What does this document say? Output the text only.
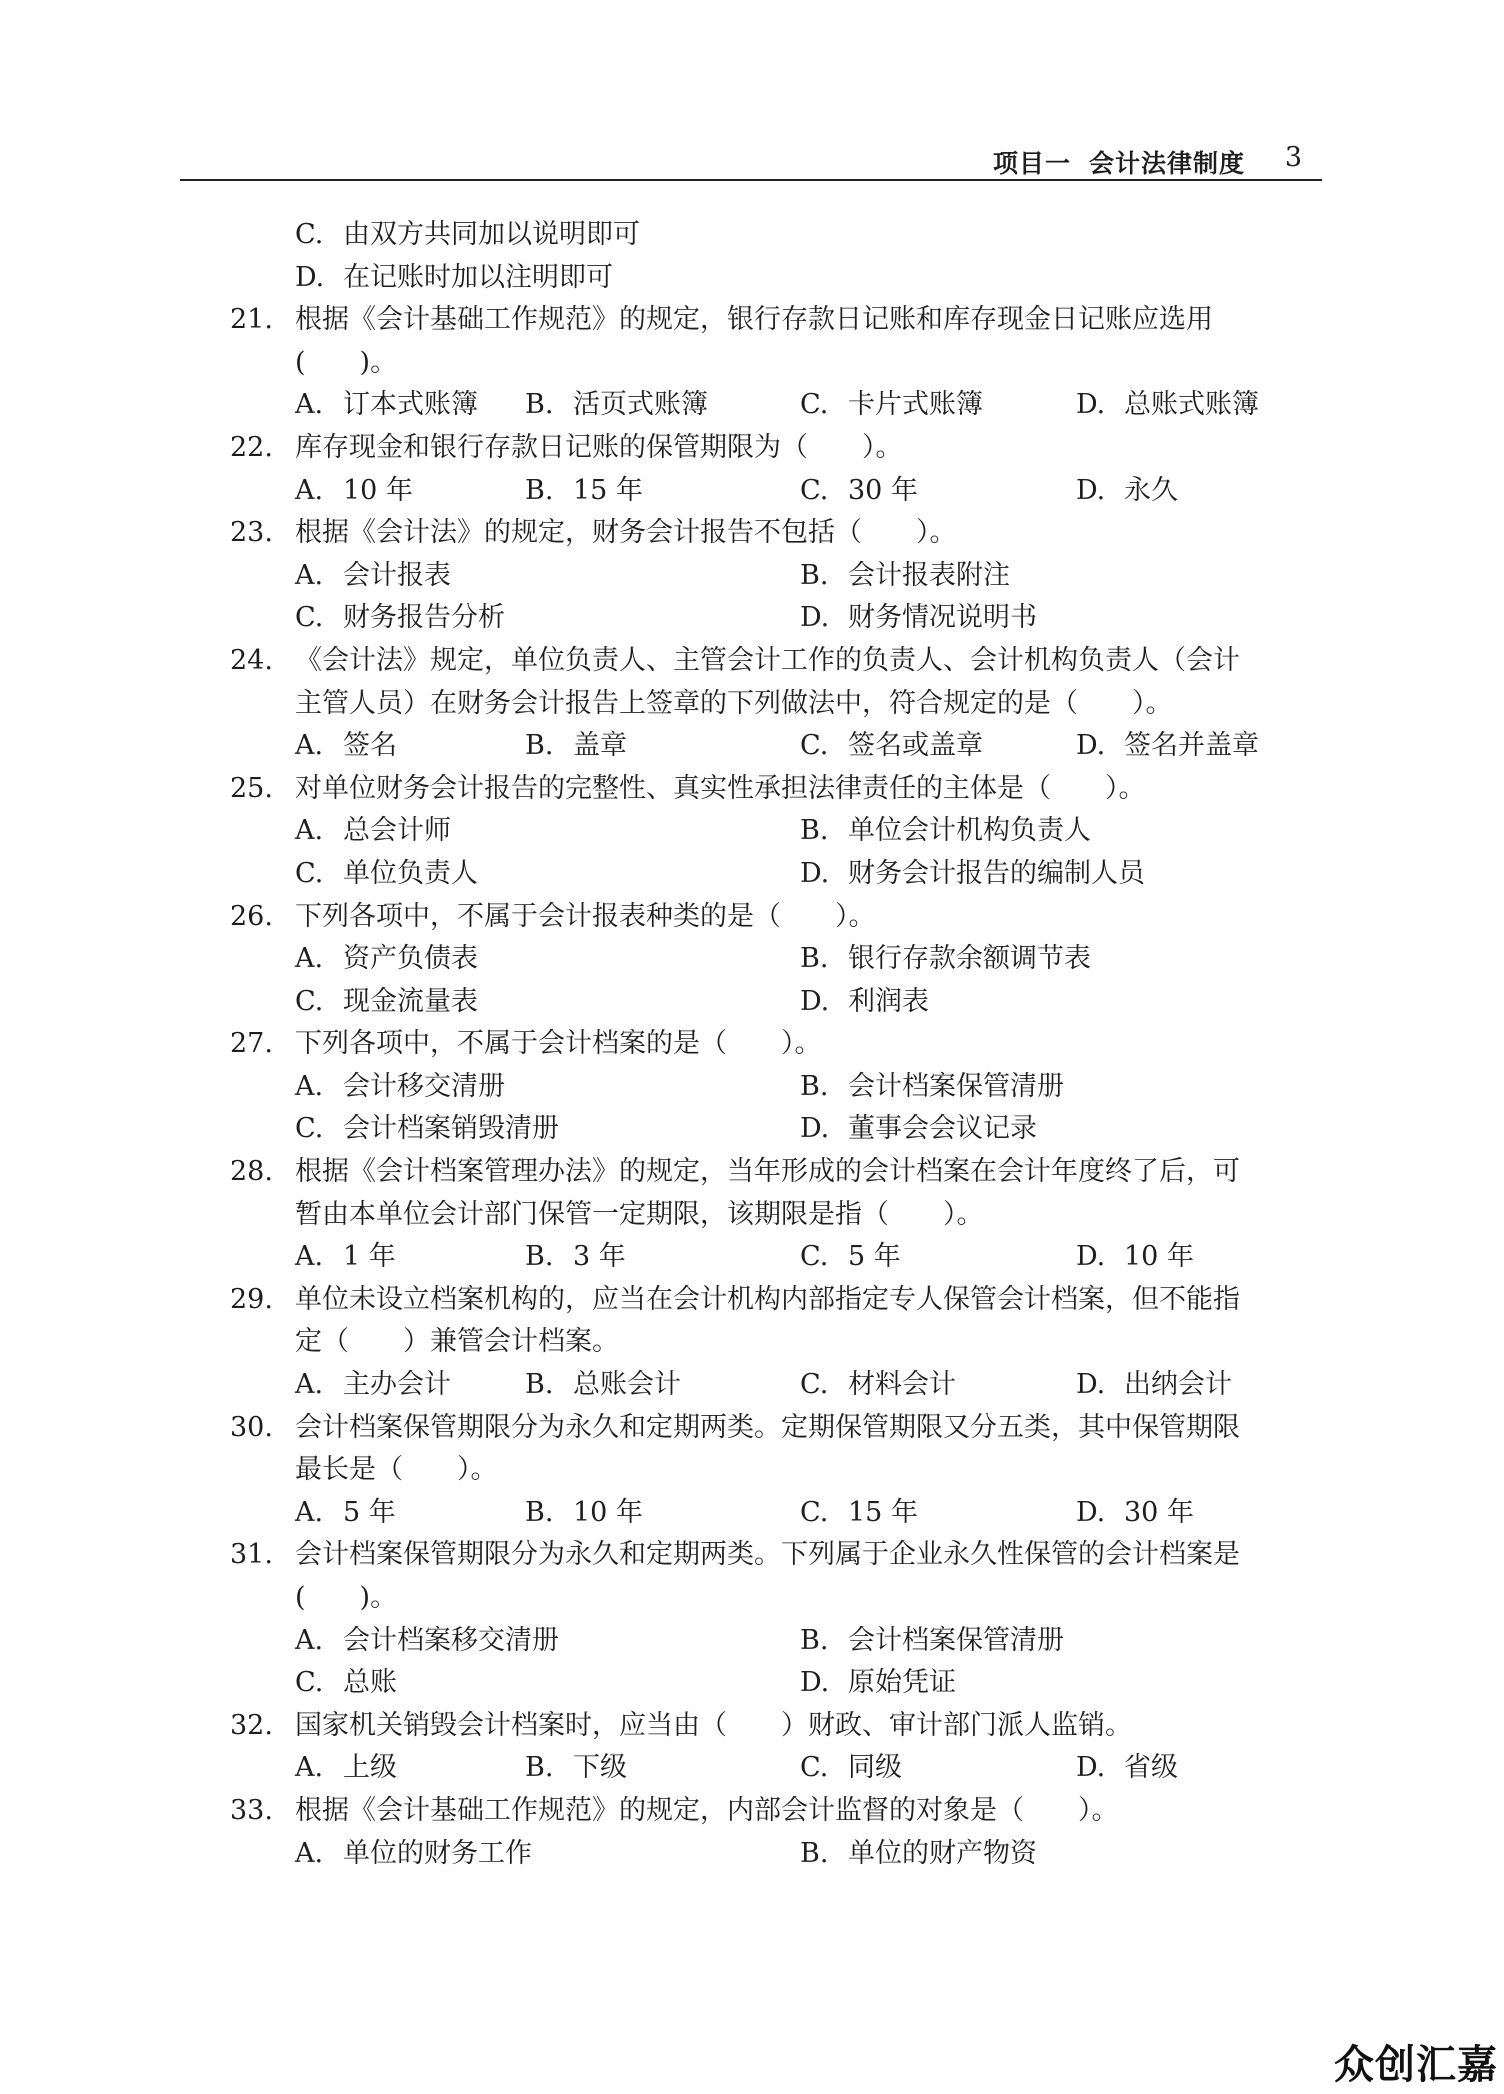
项目一 会计法律制度 3
C. 由双方共同加以说明即可
D. 在记账时加以注明即可
21. 根据《会计基础工作规范》的规定，银行存款日记账和库存现金日记账应选用
(　　)。
A. 订本式账簿 B. 活页式账簿	C. 卡片式账簿	D. 总账式账簿
22. 库存现金和银行存款日记账的保管期限为（　　）。
A. 10 年	B. 15 年	C. 30 年	D. 永久
23. 根据《会计法》的规定，财务会计报告不包括（　　）。
A. 会计报表	B. 会计报表附注
C. 财务报告分析	D. 财务情况说明书
24. 《会计法》规定，单位负责人、主管会计工作的负责人、会计机构负责人（会计
主管人员）在财务会计报告上签章的下列做法中，符合规定的是（　　）。
A. 签名	B. 盖章	C. 签名或盖章	D. 签名并盖章
25. 对单位财务会计报告的完整性、真实性承担法律责任的主体是（　　）。
A. 总会计师	B. 单位会计机构负责人
C. 单位负责人	D. 财务会计报告的编制人员
26. 下列各项中，不属于会计报表种类的是（　　）。
A. 资产负债表	B. 银行存款余额调节表
C. 现金流量表	D. 利润表
27. 下列各项中，不属于会计档案的是（　　）。
A. 会计移交清册	B. 会计档案保管清册
C. 会计档案销毁清册	D. 董事会会议记录
28. 根据《会计档案管理办法》的规定，当年形成的会计档案在会计年度终了后，可
暂由本单位会计部门保管一定期限，该期限是指（　　）。
A. 1 年	B. 3 年	C. 5 年	D. 10 年
29. 单位未设立档案机构的，应当在会计机构内部指定专人保管会计档案，但不能指
定（　　）兼管会计档案。
A. 主办会计	B. 总账会计	C. 材料会计	D. 出纳会计
30. 会计档案保管期限分为永久和定期两类。定期保管期限又分五类，其中保管期限
最长是（　　）。
A. 5 年	B. 10 年	C. 15 年	D. 30 年
31. 会计档案保管期限分为永久和定期两类。下列属于企业永久性保管的会计档案是
(　　)。
A. 会计档案移交清册	B. 会计档案保管清册
C. 总账	D. 原始凭证
32. 国家机关销毁会计档案时，应当由（　　）财政、审计部门派人监销。
A. 上级	B. 下级	C. 同级	D. 省级
33. 根据《会计基础工作规范》的规定，内部会计监督的对象是（　　）。
A. 单位的财务工作	B. 单位的财产物资
众创汇嘉
